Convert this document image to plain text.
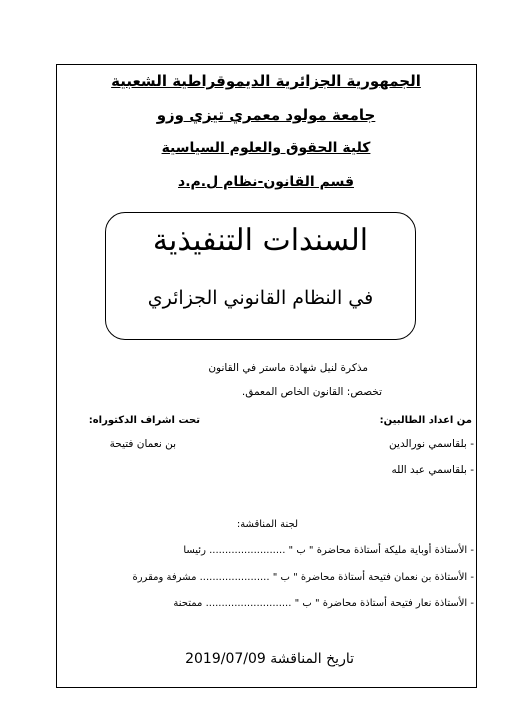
الجمهورية الجزائرية الديموقراطية الشعبية
جامعة مولود معمري تيزي وزو
كلية الحقوق والعلوم السياسية
قسم القانون-نظام ل.م.د
السندات التنفيذية
في النظام القانوني الجزائري
مذكرة لنيل شهادة ماستر في القانون
تخصص: القانون الخاص المعمق.
من اعداد الطالبين:
تحت اشراف الدكتوراه:
- بلقاسمي نورالدين
بن نعمان فتيحة
- بلقاسمي عبد الله
لجنة المناقشة:
- الأستاذة أوباية مليكة أستاذة محاضرة " ب " ........................ رئيسا
- الأستاذة بن نعمان فتيحة أستاذة محاضرة " ب " ...................... مشرفة ومقررة
- الأستاذة نعار فتيحة أستاذة محاضرة " ب " ........................... ممتحنة
تاريخ المناقشة 2019/07/09
